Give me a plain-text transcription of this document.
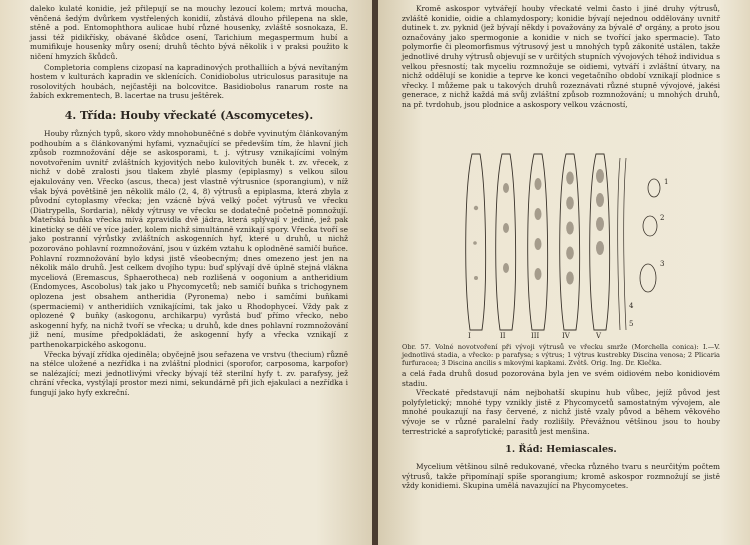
dalekо kulaté konidie, jež přilepují se na mouchy lezoucí kolem; mrtvá moucha, věnčená šedým dvůrkem vystřelených konidií, zůstává dlouho přilepena na skle, stěně a pod. Entomophthora aulicae hubí různé housenky, zvláště sosnokaza, E. jassi též pidikřísky, obávané škůdce osení, Tarichium megaspermum hubí a mumifikuje housenky můry osení; druhů těchto bývá několik i v praksi použito k ničení hmyzích škůdců.

Completoria complens cizopasí na kapradinových prothalliích a bývá nevítaným hostem v kulturách kapradin ve sklenících. Conidiobolus utriculosus parasituje na rosolovitých houbách, nejčastěji na bolcovitce. Basidiobolus ranarum roste na žabích exkrementech, B. lacertae na trusu ještěrek.

4. Třída: Houby vřeckaté (Ascomycetes).

Houby různých typů, skoro vždy mnohobuněčné s dobře vyvinutým článkovaným podhoubím a s článkovanými hyfami, vyznačující se především tím, že hlavní jich způsob rozmnožování děje se askosporami, t. j. výtrusy vznikajícími volným novotvořením uvnitř zvláštních kyjovitých nebo kulovitých buněk t. zv. vřecek, z nichž v době zralosti jsou tlakem zbylé plasmy (epiplasmy) s velkou silou ejakulovány ven. Vřecko (ascus, theca) jest vlastně výtrusnice (sporangium), v níž však bývá povětšině jen několik málo (2, 4, 8) výtrusů a epiplasma, která zbyla z původní cytoplasmy vřecka; jen vzácně bývá velký počet výtrusů ve vřecku (Diatrypella, Sordaria), někdy výtrusy ve vřecku se dodatečně početně pomnožují. Mateřská buňka vřecka mívá zpravidla dvě jádra, která splývají v jediné, jež pak kineticky se dělí ve více jader, kolem nichž simultánně vznikají spory. Vřecka tvoří se jako postranní výrůstky zvláštních askogenních hyf, které u druhů, u nichž pozorováno pohlavní rozmnožování, jsou v úzkém vztahu k oplodněné samičí buňce. Pohlavní rozmnožování bylo kdysi jistě všeobecným; dnes omezeno jest jen na několik málo druhů. Jest celkem dvojího typu: buď splývají dvě úplně stejná vlákna myceliová (Eremascus, Sphaerotheca) neb rozlišená v oogonium a antheridium (Endomyces, Ascobolus) tak jako u Phycomycetů; neb samičí buňka s trichogynem oplozena jest obsahem antheridia (Pyronema) nebo i samčími buňkami (spermaciemi) v antheridiích vznikajícími, tak jako u Rhodophyceí. Vždy pak z oplozené ♀ buňky (askogonu, archikarpu) vyrůstá buď přímo vřecko, nebo askogenní hyfy, na nichž tvoří se vřecka; u druhů, kde dnes pohlavní rozmnožování již není, musíme předpokládati, že askogenní hyfy a vřecka vznikají z parthenokarpického askogonu.

Vřecka bývají zřídka ojediněla; obyčejně jsou seřazena ve vrstvu (thecium) různě na stélce uložené a nezřídka i na zvláštní plodnici (sporofor, carposoma, karpofor) se nalézající; mezi jednotlivými vřecky bývají též sterilní hyfy t. zv. parafysy, jež chrání vřecka, vystýlají prostor mezi nimi, sekundárně při jich ejakulaci a nezřídka i fungují jako hyfy exkreční.

Kromě askospor vytvářejí houby vřeckaté velmi často i jiné druhy výtrusů, zvláště konidie, oidie a chlamydospory; konidie bývají nejednou oddělovány uvnitř dutinek t. zv. pyknid (jež bývají někdy i považovány za bývalé ♂ orgány, a proto jsou označovány jako spermogonie a konidie v nich se tvořící jako spermacie). Tato polymorfie či pleomorfismus výtrusový jest u mnohých typů zákonité ustálen, takže jednotlivé druhy výtrusů objevují se v určitých stupních vývojových téhož individua s velkou přesností; tak myceliu rozmnožuje se oidiemi, vytváří i zvláštní útvary, na nichž oddělují se konidie a teprve ke konci vegetačního období vznikají plodnice s vřecky. I můžeme pak u takových druhů rozeznávati různé stupně vývojové, jakési generace, z nichž každá má svůj zvláštní způsob rozmnožování; u mnohých druhů, na př. tvrdohub, jsou plodnice a askospory velkou vzácností,

1
2
3
4
5
I	II	III	IV	V
Obr. 57. Volné novotvoření při vývoji výtrusů ve vřecku smrže (Morchella conica): I.—V. jednotlivá stadia, a vřecko: p parafysa; s výtrus; 1 výtrus kustrebky Discina venosa; 2 Plicaria furfuracea; 3 Discina ancilis s mkovými kapkami. Zvětš. Orig. Ing. Dr. Klečka.

a celá řada druhů dosud pozorována byla jen ve svém oidiovém nebo konidiovém stadiu.

Vřeckaté představují nám nejbohatší skupinu hub vůbec, jejíž původ jest polyfyletický; mnohé typy vznikly jistě z Phycomycetů samostatným vývojem, ale mnohé poukazují na řasy červené, z nichž jistě vzaly původ a během věkového vývoje se v různé paralelní řady rozlišily. Převážnou většinou jsou to houby terrestrické a saprofytické; parasitů jest menšina.

1. Řád: Hemiascales.

Mycelium většinou silně redukované, vřecka různého tvaru s neurčitým počtem výtrusů, takže připomínají spíše sporangium; kromě askospor rozmnožují se jistě vždy konidiemi. Skupina umělá navazující na Phycomycetes.
